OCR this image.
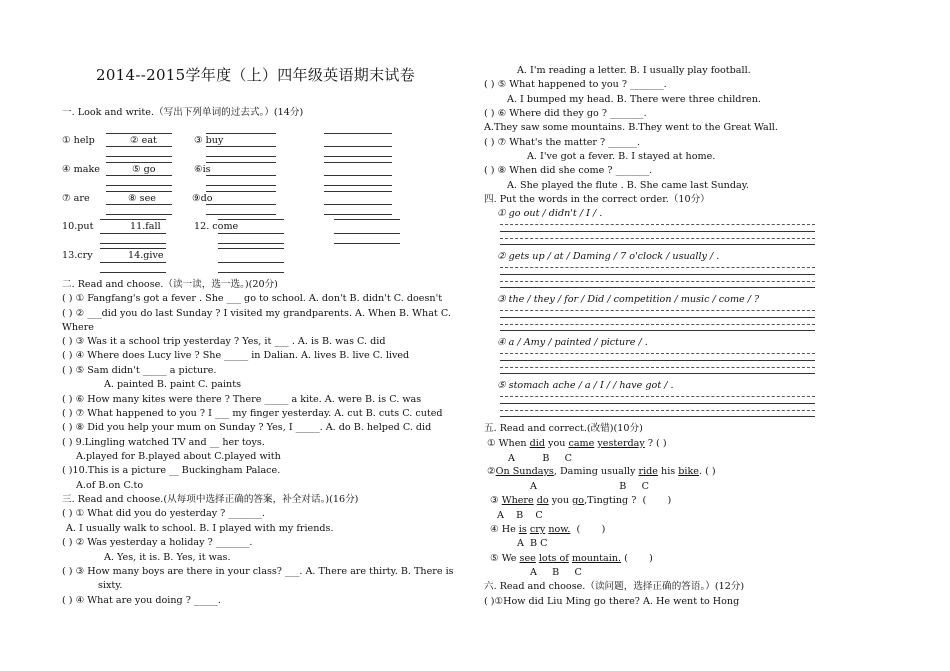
2014--2015学年度（上）四年级英语期末试卷
一. Look and write.（写出下列单词的过去式。）(14分)
① help	② eat	③ buy
④ make	⑤ go	⑥is
⑦ are	⑧ see	⑨do
10.put	11.fall	12. come
13.cry	14.give
二. Read and choose.（读一读，选一选。)(20分)
( ) ① Fangfang's got a fever . She ___ go to school. A. don't B. didn't C. doesn't
( ) ② ___did you do last Sunday ? I visited my grandparents. A. When B. What C.
Where
( ) ③ Was it a school trip yesterday ? Yes, it ___ . A. is B. was C. did
( ) ④ Where does Lucy live ? She _____ in Dalian. A. lives B. live C. lived
( ) ⑤ Sam didn't _____ a picture.
A. painted B. paint C. paints
( ) ⑥ How many kites were there ? There _____ a kite. A. were B. is C. was
( ) ⑦ What happened to you ? I ___ my finger yesterday. A. cut B. cuts C. cuted
( ) ⑧ Did you help your mum on Sunday ? Yes, I _____. A. do B. helped C. did
( ) 9.Lingling watched TV and __ her toys.
A.played for B.played about C.played with
( )10.This is a picture __ Buckingham Palace.
A.of B.on C.to
三. Read and choose.(从每项中选择正确的答案，补全对话。)(16分)
( ) ① What did you do yesterday ? _______.
A. I usually walk to school. B. I played with my friends.
( ) ② Was yesterday a holiday ? _______.
A. Yes, it is. B. Yes, it was.
( ) ③ How many boys are there in your class? ___. A. There are thirty. B. There is
sixty.
( ) ④ What are you doing ? _____.
A. I'm reading a letter. B. I usually play football.
( ) ⑤ What happened to you ? _______.
A. I bumped my head. B. There were three children.
( ) ⑥ Where did they go ? _______.
A.They saw some mountains. B.They went to the Great Wall.
( ) ⑦ What's the matter ? ______.
A. I've got a fever. B. I stayed at home.
( ) ⑧ When did she come ? _______.
A. She played the flute . B. She came last Sunday.
四. Put the words in the correct order.（10分）
① go out / didn't / I / .
② gets up / at / Daming / 7 o'clock / usually / .
③ the / they / for / Did / competition / music / come / ?
④ a / Amy / painted / picture / .
⑤ stomach ache / a / I / / have got / .
五. Read and correct.(改错)(10分)
① When did you came yesterday ? ( )
A         B     C
②On Sundays, Daming usually ride his bike. ( )
A                           B     C
③ Where do you go,Tingting ?  (       )
A    B    C
④ He is cry now.  (       )
A  B C
⑤ We see lots of mountain. (       )
A     B     C
六. Read and choose.（读问题，选择正确的答语。）(12分)
( )①How did Liu Ming go there? A. He went to Hong
